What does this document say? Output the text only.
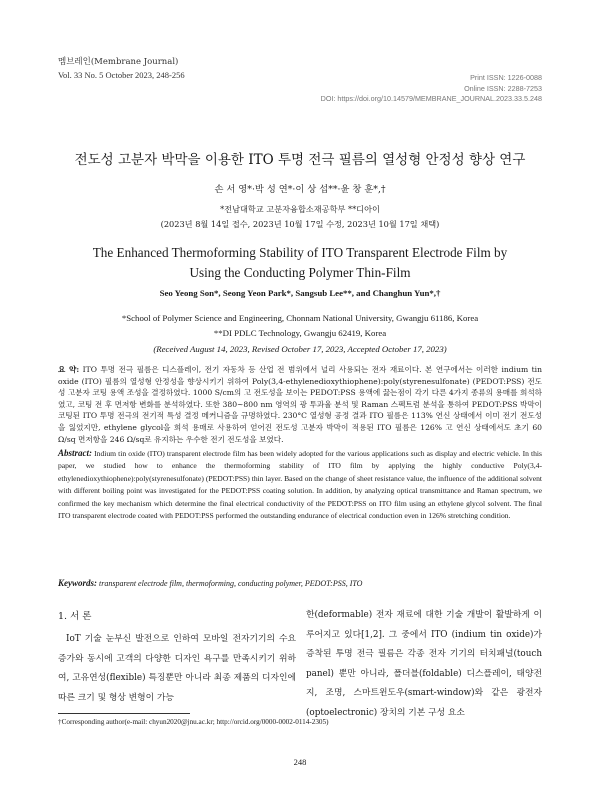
멤브레인(Membrane Journal)
Vol. 33 No. 5 October 2023, 248-256	Print ISSN: 1226-0088
Online ISSN: 2288-7253
DOI: https://doi.org/10.14579/MEMBRANE_JOURNAL.2023.33.5.248
전도성 고분자 박막을 이용한 ITO 투명 전극 필름의 열성형 안정성 향상 연구
손 서 영*·박 성 연*·이 상 섭**·윤 창 훈*,†
*전남대학교 고분자융합소재공학부 **디아이
(2023년 8월 14일 접수, 2023년 10월 17일 수정, 2023년 10월 17일 채택)
The Enhanced Thermoforming Stability of ITO Transparent Electrode Film by
Using the Conducting Polymer Thin-Film
Seo Yeong Son*, Seong Yeon Park*, Sangsub Lee**, and Changhun Yun*,†
*School of Polymer Science and Engineering, Chonnam National University, Gwangju 61186, Korea
**DI PDLC Technology, Gwangju 62419, Korea
(Received August 14, 2023, Revised October 17, 2023, Accepted October 17, 2023)
요 약: ITO 투명 전극 필름은 디스플레이, 전기 자동차 등 산업 전 범위에서 널리 사용되는 전자 재료이다. 본 연구에서는 이러한 indium tin oxide (ITO) 필름의 열성형 안정성을 향상시키기 위하여 Poly(3,4-ethylenedioxythiophene):poly(styrenesulfonate) (PEDOT:PSS) 전도성 고분자 코팅 용액 조성을 결정하였다. 1000 S/cm의 고 전도성을 보이는 PEDOT:PSS 용액에 끓는점이 각기 다른 4가지 종류의 용매를 희석하였고, 코팅 전 후 면저항 변화를 분석하였다. 또한 380~800 nm 영역의 광 투과율 분석 및 Raman 스펙트럼 분석을 통하여 PEDOT:PSS 박막이 코팅된 ITO 투명 전극의 전기적 특성 결정 메커니즘을 규명하였다. 230°C 열성형 공정 결과 ITO 필름은 113% 연신 상태에서 이미 전기 전도성을 잃었지만, ethylene glycol을 희석 용매로 사용하여 얻어진 전도성 고분자 박막이 적용된 ITO 필름은 126% 고 연신 상태에서도 초기 60 Ω/sq 면저항을 246 Ω/sq로 유지하는 우수한 전기 전도성을 보였다.
Abstract: Indium tin oxide (ITO) transparent electrode film has been widely adopted for the various applications such as display and electric vehicle. In this paper, we studied how to enhance the thermoforming stability of ITO film by applying the highly conductive Poly(3,4-ethylenedioxythiophene):poly(styrenesulfonate) (PEDOT:PSS) thin layer. Based on the change of sheet resistance value, the influence of the additional solvent with different boiling point was investigated for the PEDOT:PSS coating solution. In addition, by analyzing optical transmittance and Raman spectrum, we confirmed the key mechanism which determine the final electrical conductivity of the PEDOT:PSS on ITO film using an ethylene glycol solvent. The final ITO transparent electrode coated with PEDOT:PSS performed the outstanding endurance of electrical conduction even in 126% stretching condition.
Keywords: transparent electrode film, thermoforming, conducting polymer, PEDOT:PSS, ITO
1. 서 론
IoT 기술 눈부신 발전으로 인하여 모바일 전자기기의 수요 증가와 동시에 고객의 다양한 디자인 욕구를 만족시키기 위하여, 고유연성(flexible) 특징뿐만 아니라 최종 제품의 디자인에 따른 크기 및 형상 변형이 가능
한(deformable) 전자 재료에 대한 기술 개발이 활발하게 이루어지고 있다[1,2]. 그 중에서 ITO (indium tin oxide)가 증착된 투명 전극 필름은 각종 전자 기기의 터치패널(touch panel) 뿐만 아니라, 폴더블(foldable) 디스플레이, 태양전지, 조명, 스마트윈도우(smart-window)와 같은 광전자(optoelectronic) 장치의 기본 구성 요소
†Corresponding author(e-mail: chyun2020@jnu.ac.kr; http://orcid.org/0000-0002-0114-2305)
248
